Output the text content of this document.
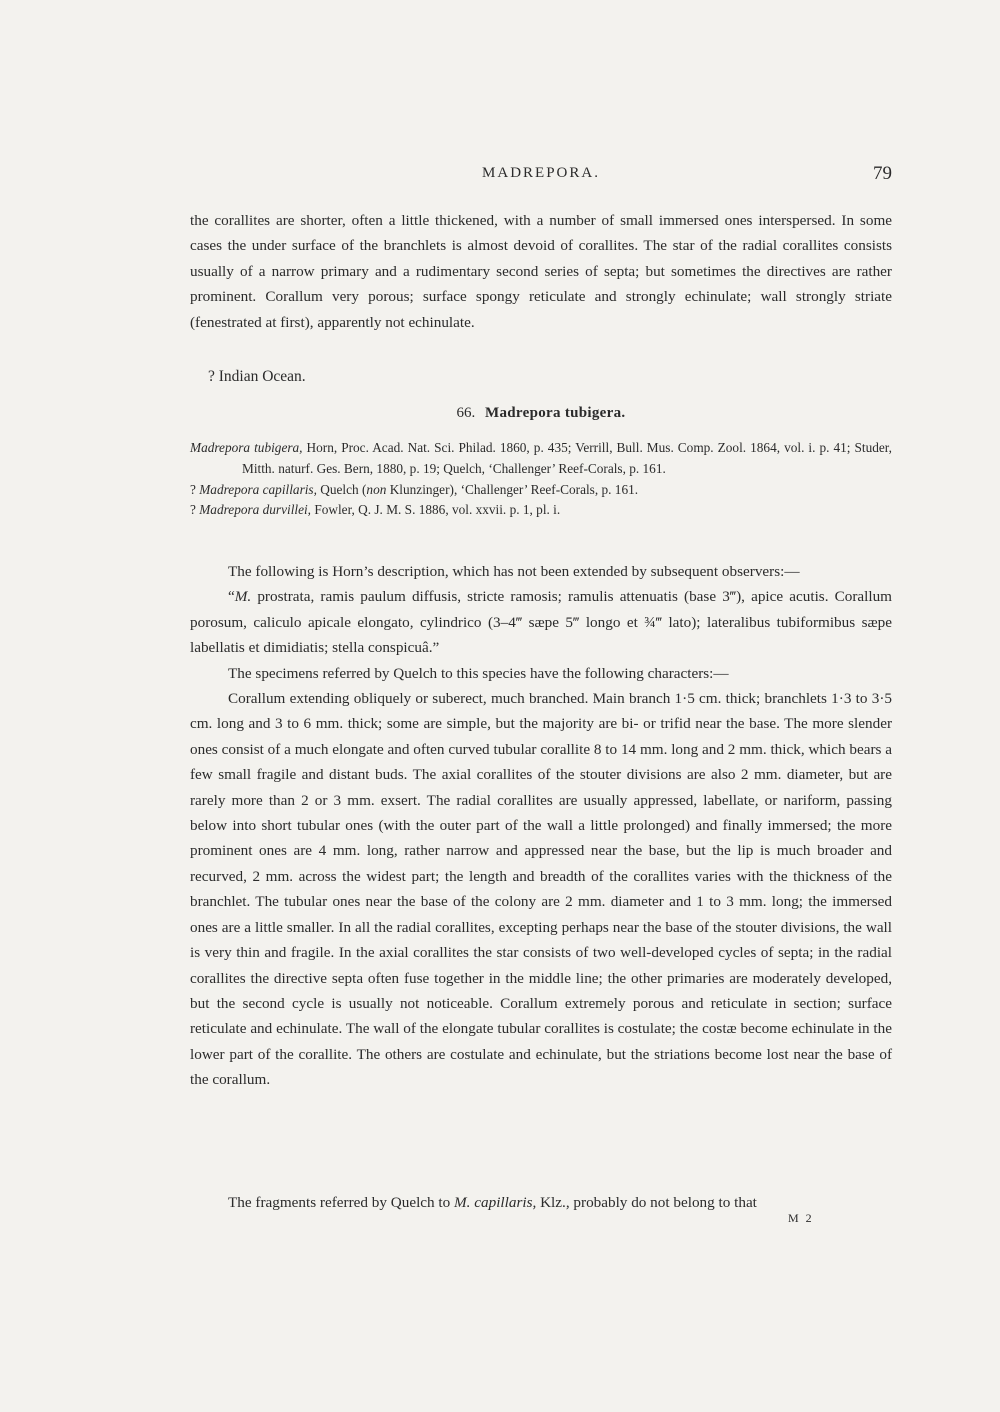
MADREPORA.	79

the corallites are shorter, often a little thickened, with a number of small immersed ones interspersed. In some cases the under surface of the branchlets is almost devoid of corallites. The star of the radial corallites consists usually of a narrow primary and a rudimentary second series of septa; but sometimes the directives are rather prominent. Corallum very porous; surface spongy reticulate and strongly echinulate; wall strongly striate (fenestrated at first), apparently not echinulate.

? Indian Ocean.
66. Madrepora tubigera.

Madrepora tubigera, Horn, Proc. Acad. Nat. Sci. Philad. 1860, p. 435; Verrill, Bull. Mus. Comp. Zool. 1864, vol. i. p. 41; Studer, Mitth. naturf. Ges. Bern, 1880, p. 19; Quelch, ‘Challenger’ Reef-Corals, p. 161.

? Madrepora capillaris, Quelch (non Klunzinger), ‘Challenger’ Reef-Corals, p. 161.

? Madrepora durvillei, Fowler, Q. J. M. S. 1886, vol. xxvii. p. 1, pl. i.

The following is Horn’s description, which has not been extended by subsequent observers:—

“M. prostrata, ramis paulum diffusis, stricte ramosis; ramulis attenuatis (base 3‴), apice acutis. Corallum porosum, caliculo apicale elongato, cylindrico (3–4‴ sæpe 5‴ longo et ¾‴ lato); lateralibus tubiformibus sæpe labellatis et dimidiatis; stella conspicuâ.”

The specimens referred by Quelch to this species have the following characters:—

Corallum extending obliquely or suberect, much branched. Main branch 1·5 cm. thick; branchlets 1·3 to 3·5 cm. long and 3 to 6 mm. thick; some are simple, but the majority are bi- or trifid near the base. The more slender ones consist of a much elongate and often curved tubular corallite 8 to 14 mm. long and 2 mm. thick, which bears a few small fragile and distant buds. The axial corallites of the stouter divisions are also 2 mm. diameter, but are rarely more than 2 or 3 mm. exsert. The radial corallites are usually appressed, labellate, or nariform, passing below into short tubular ones (with the outer part of the wall a little prolonged) and finally immersed; the more prominent ones are 4 mm. long, rather narrow and appressed near the base, but the lip is much broader and recurved, 2 mm. across the widest part; the length and breadth of the corallites varies with the thickness of the branchlet. The tubular ones near the base of the colony are 2 mm. diameter and 1 to 3 mm. long; the immersed ones are a little smaller. In all the radial corallites, excepting perhaps near the base of the stouter divisions, the wall is very thin and fragile. In the axial corallites the star consists of two well-developed cycles of septa; in the radial corallites the directive septa often fuse together in the middle line; the other primaries are moderately developed, but the second cycle is usually not noticeable. Corallum extremely porous and reticulate in section; surface reticulate and echinulate. The wall of the elongate tubular corallites is costulate; the costæ become echinulate in the lower part of the corallite. The others are costulate and echinulate, but the striations become lost near the base of the corallum.

The fragments referred by Quelch to M. capillaris, Klz., probably do not belong to that
M 2
